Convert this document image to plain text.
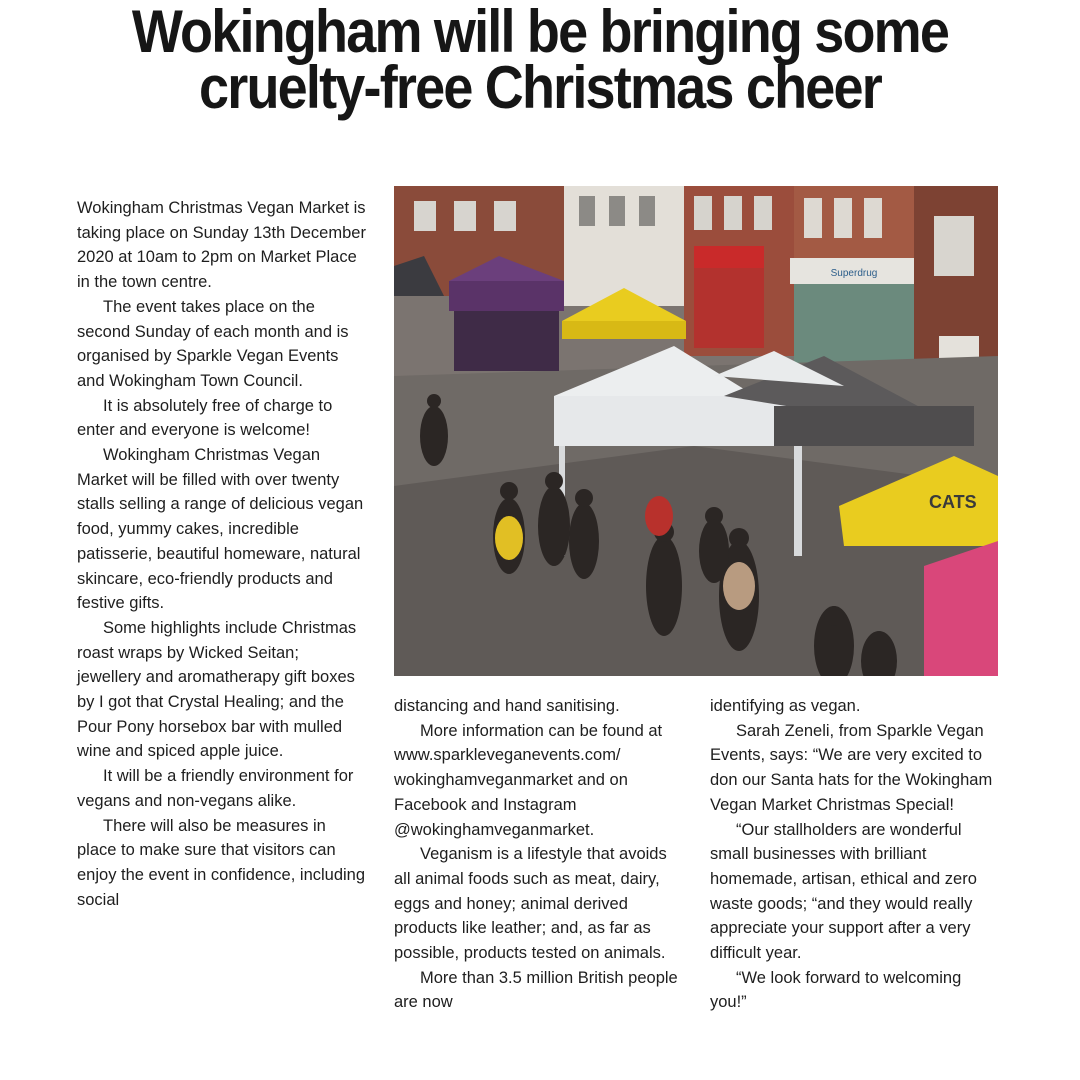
Wokingham will be bringing some
cruelty-free Christmas cheer
Superdrug
CATS

Wokingham Christmas Vegan Market is taking place on Sunday 13th December 2020 at 10am to 2pm on Market Place in the town centre.

The event takes place on the second Sunday of each month and is organised by Sparkle Vegan Events and Wokingham Town Council.

It is absolutely free of charge to enter and everyone is welcome!

Wokingham Christmas Vegan Market will be filled with over twenty stalls selling a range of delicious vegan food, yummy cakes, incredible patisserie, beautiful homeware, natural skincare, eco-friendly products and festive gifts.

Some highlights include Christmas roast wraps by Wicked Seitan; jewellery and aromatherapy gift boxes by I got that Crystal Healing; and the Pour Pony horsebox bar with mulled wine and spiced apple juice.

It will be a friendly environment for vegans and non-vegans alike.

There will also be measures in place to make sure that visitors can enjoy the event in confidence, including social

distancing and hand sanitising.

More information can be found at www.sparkleveganevents.com/ wokinghamveganmarket and on Facebook and Instagram @wokinghamveganmarket.

Veganism is a lifestyle that avoids all animal foods such as meat, dairy, eggs and honey; animal derived products like leather; and, as far as possible, products tested on animals.

More than 3.5 million British people are now

identifying as vegan.

Sarah Zeneli, from Sparkle Vegan Events, says: “We are very excited to don our Santa hats for the Wokingham Vegan Market Christmas Special!

“Our stallholders are wonderful small businesses with brilliant homemade, artisan, ethical and zero waste goods; “and they would really appreciate your support after a very difficult year.

“We look forward to welcoming you!”
